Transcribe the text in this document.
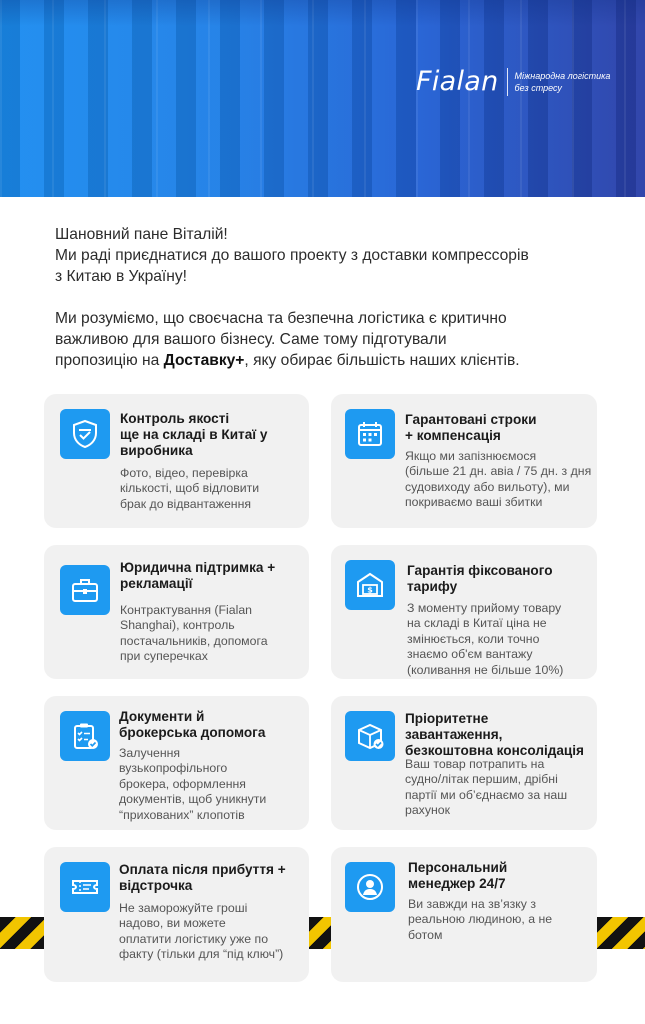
Fialan Міжнародна логістика
без стресу

Шановний пане Віталій!

Ми раді приєднатися до вашого проекту з доставки компрессорів

з Китаю в Україну!

Ми розуміємо, що своєчасна та безпечна логістика є критично

важливою для вашого бізнесу. Саме тому підготували

пропозицію на Доставку+, яку обирає більшість наших клієнтів.

Контроль якості
ще на складі в Китаї у
виробника
Фото, відео, перевірка
кількості, щоб відловити
брак до відвантаження
Гарантовані строки
+ компенсація
Якщо ми запізнюємося
(більше 21 дн. авіа / 75 дн. з дня
судовиходу або вильоту), ми
покриваємо ваші збитки
Юридична підтримка +
рекламації
Контрактування (Fialan
Shanghai), контроль
постачальників, допомога
при суперечках
$
Гарантія фіксованого
тарифу
З моменту прийому товару
на складі в Китаї ціна не
змінюється, коли точно
знаємо об'єм вантажу
(коливання не більше 10%)
Документи й
брокерська допомога
Залучення
вузькопрофільного
брокера, оформлення
документів, щоб уникнути
“прихованих” клопотів
Пріоритетне
завантаження,
безкоштовна консолідація
Ваш товар потрапить на
судно/літак першим, дрібні
партії ми об’єднаємо за наш
рахунок
Оплата після прибуття +
відстрочка
Не заморожуйте гроші
надово, ви можете
оплатити логістику уже по
факту (тільки для “під ключ”)
Персональний
менеджер 24/7
Ви завжди на зв’язку з
реальною людиною, а не
ботом
